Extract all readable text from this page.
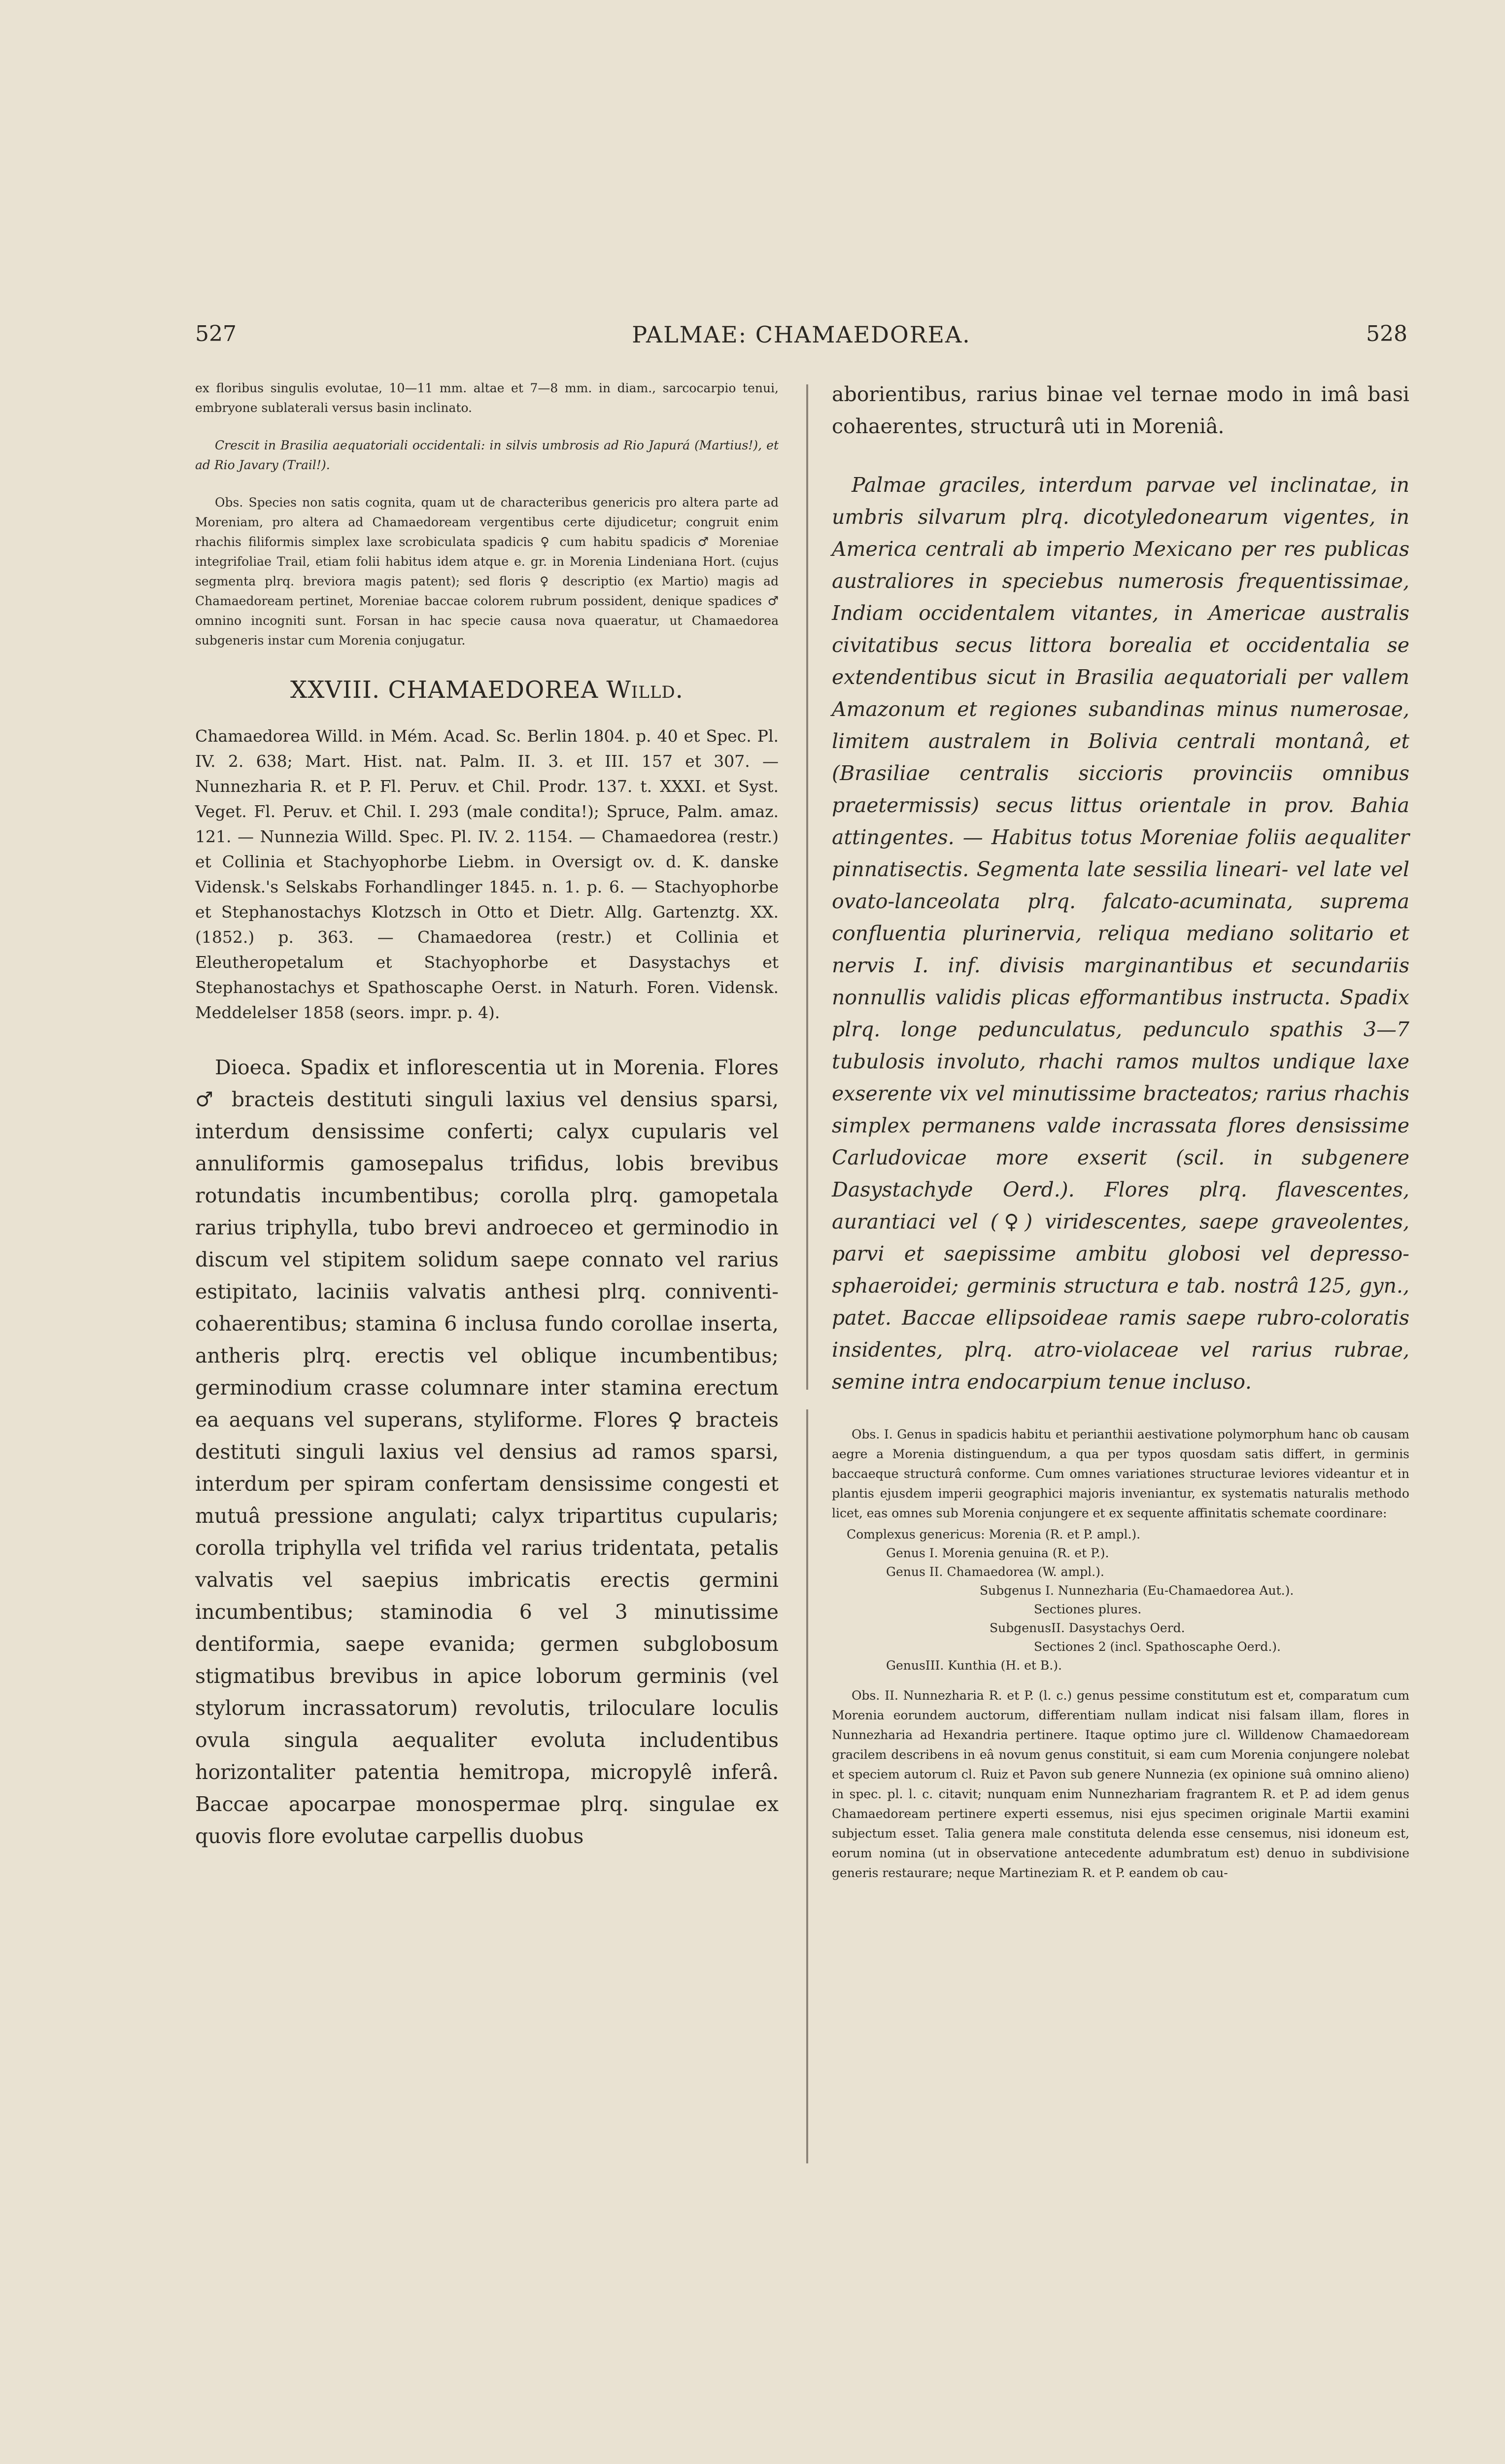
527	PALMAE: CHAMAEDOREA.	528

ex floribus singulis evolutae, 10—11 mm. altae et 7—8 mm. in diam., sarcocarpio tenui, embryone sublaterali versus basin inclinato.

Crescit in Brasilia aequatoriali occidentali: in silvis umbrosis ad Rio Japurá (Martius!), et ad Rio Javary (Trail!).

Obs. Species non satis cognita, quam ut de characteribus genericis pro altera parte ad Moreniam, pro altera ad Chamaedoream vergentibus certe dijudicetur; congruit enim rhachis filiformis simplex laxe scrobiculata spadicis ♀ cum habitu spadicis ♂ Moreniae integrifoliae Trail, etiam folii habitus idem atque e. gr. in Morenia Lindeniana Hort. (cujus segmenta plrq. breviora magis patent); sed floris ♀ descriptio (ex Martio) magis ad Chamaedoream pertinet, Moreniae baccae colorem rubrum possident, denique spadices ♂ omnino incogniti sunt. Forsan in hac specie causa nova quaeratur, ut Chamaedorea subgeneris instar cum Morenia conjugatur.

XXVIII. CHAMAEDOREA Willd.

Chamaedorea Willd. in Mém. Acad. Sc. Berlin 1804. p. 40 et Spec. Pl. IV. 2. 638; Mart. Hist. nat. Palm. II. 3. et III. 157 et 307. — Nunnezharia R. et P. Fl. Peruv. et Chil. Prodr. 137. t. XXXI. et Syst. Veget. Fl. Peruv. et Chil. I. 293 (male condita!); Spruce, Palm. amaz. 121. — Nunnezia Willd. Spec. Pl. IV. 2. 1154. — Chamaedorea (restr.) et Collinia et Stachyophorbe Liebm. in Oversigt ov. d. K. danske Vidensk.'s Selskabs Forhandlinger 1845. n. 1. p. 6. — Stachyophorbe et Stephanostachys Klotzsch in Otto et Dietr. Allg. Gartenztg. XX. (1852.) p. 363. — Chamaedorea (restr.) et Collinia et Eleutheropetalum et Stachyophorbe et Dasystachys et Stephanostachys et Spathoscaphe Oerst. in Naturh. Foren. Vidensk. Meddelelser 1858 (seors. impr. p. 4).

Dioeca. Spadix et inflorescentia ut in Morenia. Flores ♂ bracteis destituti singuli laxius vel densius sparsi, interdum densissime conferti; calyx cupularis vel annuliformis gamosepalus trifidus, lobis brevibus rotundatis incumbentibus; corolla plrq. gamopetala rarius triphylla, tubo brevi androeceo et germinodio in discum vel stipitem solidum saepe connato vel rarius estipitato, laciniis valvatis anthesi plrq. conniventi-cohaerentibus; stamina 6 inclusa fundo corollae inserta, antheris plrq. erectis vel oblique incumbentibus; germinodium crasse columnare inter stamina erectum ea aequans vel superans, styliforme. Flores ♀ bracteis destituti singuli laxius vel densius ad ramos sparsi, interdum per spiram confertam densissime congesti et mutuâ pressione angulati; calyx tripartitus cupularis; corolla triphylla vel trifida vel rarius tridentata, petalis valvatis vel saepius imbricatis erectis germini incumbentibus; staminodia 6 vel 3 minutissime dentiformia, saepe evanida; germen subglobosum stigmatibus brevibus in apice loborum germinis (vel stylorum incrassatorum) revolutis, triloculare loculis ovula singula aequaliter evoluta includentibus horizontaliter patentia hemitropa, micropylê inferâ. Baccae apocarpae monospermae plrq. singulae ex quovis flore evolutae carpellis duobus

aborientibus, rarius binae vel ternae modo in imâ basi cohaerentes, structurâ uti in Moreniâ.

Palmae graciles, interdum parvae vel inclinatae, in umbris silvarum plrq. dicotyledonearum vigentes, in America centrali ab imperio Mexicano per res publicas australiores in speciebus numerosis frequentissimae, Indiam occidentalem vitantes, in Americae australis civitatibus secus littora borealia et occidentalia se extendentibus sicut in Brasilia aequatoriali per vallem Amazonum et regiones subandinas minus numerosae, limitem australem in Bolivia centrali montanâ, et (Brasiliae centralis siccioris provinciis omnibus praetermissis) secus littus orientale in prov. Bahia attingentes. — Habitus totus Moreniae foliis aequaliter pinnatisectis. Segmenta late sessilia lineari- vel late vel ovato-lanceolata plrq. falcato-acuminata, suprema confluentia plurinervia, reliqua mediano solitario et nervis I. inf. divisis marginantibus et secundariis nonnullis validis plicas efformantibus instructa. Spadix plrq. longe pedunculatus, pedunculo spathis 3—7 tubulosis involuto, rhachi ramos multos undique laxe exserente vix vel minutissime bracteatos; rarius rhachis simplex permanens valde incrassata flores densissime Carludovicae more exserit (scil. in subgenere Dasystachyde Oerd.). Flores plrq. flavescentes, aurantiaci vel (♀) viridescentes, saepe graveolentes, parvi et saepissime ambitu globosi vel depresso-sphaeroidei; germinis structura e tab. nostrâ 125, gyn., patet. Baccae ellipsoideae ramis saepe rubro-coloratis insidentes, plrq. atro-violaceae vel rarius rubrae, semine intra endocarpium tenue inclusο.

Obs. I. Genus in spadicis habitu et perianthii aestivatione polymorphum hanc ob causam aegre a Morenia distinguendum, a qua per typos quosdam satis differt, in germinis baccaeque structurâ conforme. Cum omnes variationes structurae leviores videantur et in plantis ejusdem imperii geographici majoris inveniantur, ex systematis naturalis methodo licet, eas omnes sub Morenia conjungere et ex sequente affinitatis schemate coordinare:

Complexus genericus: Morenia (R. et P. ampl.).
Genus I. Morenia genuina (R. et P.).
Genus II. Chamaedorea (W. ampl.).
Subgenus I. Nunnezharia (Eu-Chamaedorea Aut.).
Sectiones plures.
SubgenusII. Dasystachys Oerd.
Sectiones 2 (incl. Spathoscaphe Oerd.).
GenusIII. Kunthia (H. et B.).

Obs. II. Nunnezharia R. et P. (l. c.) genus pessime constitutum est et, comparatum cum Morenia eorundem auctorum, differentiam nullam indicat nisi falsam illam, flores in Nunnezharia ad Hexandria pertinere. Itaque optimo jure cl. Willdenow Chamaedoream gracilem describens in eâ novum genus constituit, si eam cum Morenia conjungere nolebat et speciem autorum cl. Ruiz et Pavon sub genere Nunnezia (ex opinione suâ omnino alieno) in spec. pl. l. c. citavit; nunquam enim Nunnezhariam fragrantem R. et P. ad idem genus Chamaedoream pertinere experti essemus, nisi ejus specimen originale Martii examini subjectum esset. Talia genera male constituta delenda esse censemus, nisi idoneum est, eorum nomina (ut in observatione antecedente adumbratum est) denuo in subdivisione generis restaurare; neque Martineziam R. et P. eandem ob cau-
